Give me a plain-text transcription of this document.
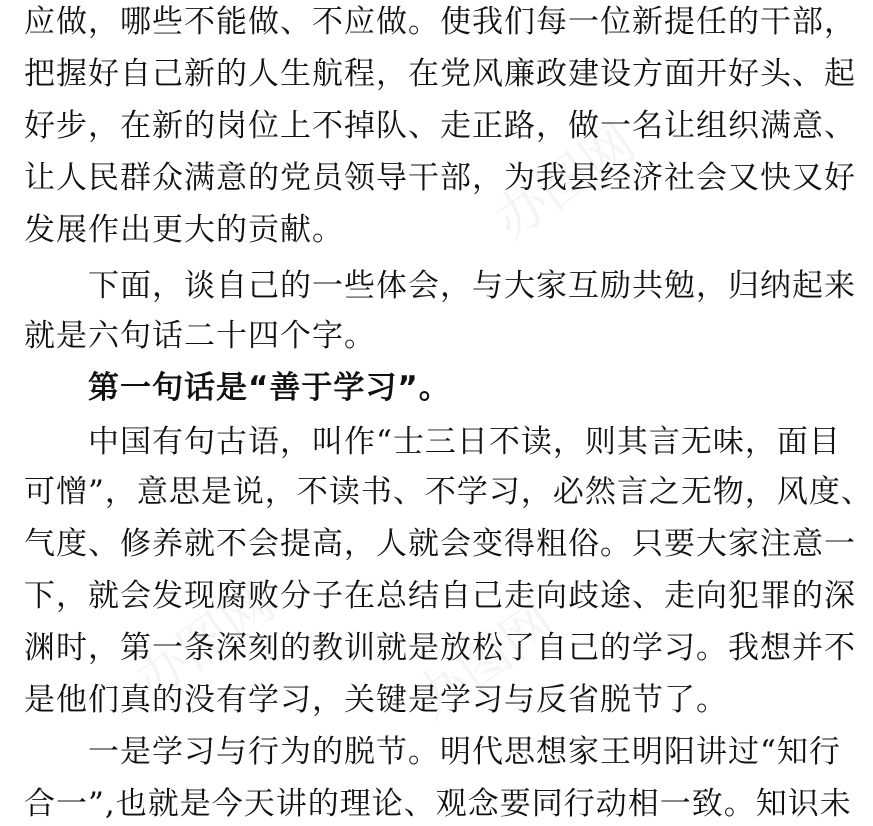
应做，哪些不能做、不应做。使我们每一位新提任的干部，
把握好自己新的人生航程，在党风廉政建设方面开好头、起
好步，在新的岗位上不掉队、走正路，做一名让组织满意、
让人民群众满意的党员领导干部，为我县经济社会又快又好
发展作出更大的贡献。
　　下面，谈自己的一些体会，与大家互励共勉，归纳起来
就是六句话二十四个字。
　　第一句话是“善于学习”。
　　中国有句古语，叫作“士三日不读，则其言无味，面目
可憎”，意思是说，不读书、不学习，必然言之无物，风度、
气度、修养就不会提高，人就会变得粗俗。只要大家注意一
下，就会发现腐败分子在总结自己走向歧途、走向犯罪的深
渊时，第一条深刻的教训就是放松了自己的学习。我想并不
是他们真的没有学习，关键是学习与反省脱节了。
　　一是学习与行为的脱节。明代思想家王明阳讲过“知行
合一”,也就是今天讲的理论、观念要同行动相一致。知识未
办图网
办图网 办图网
